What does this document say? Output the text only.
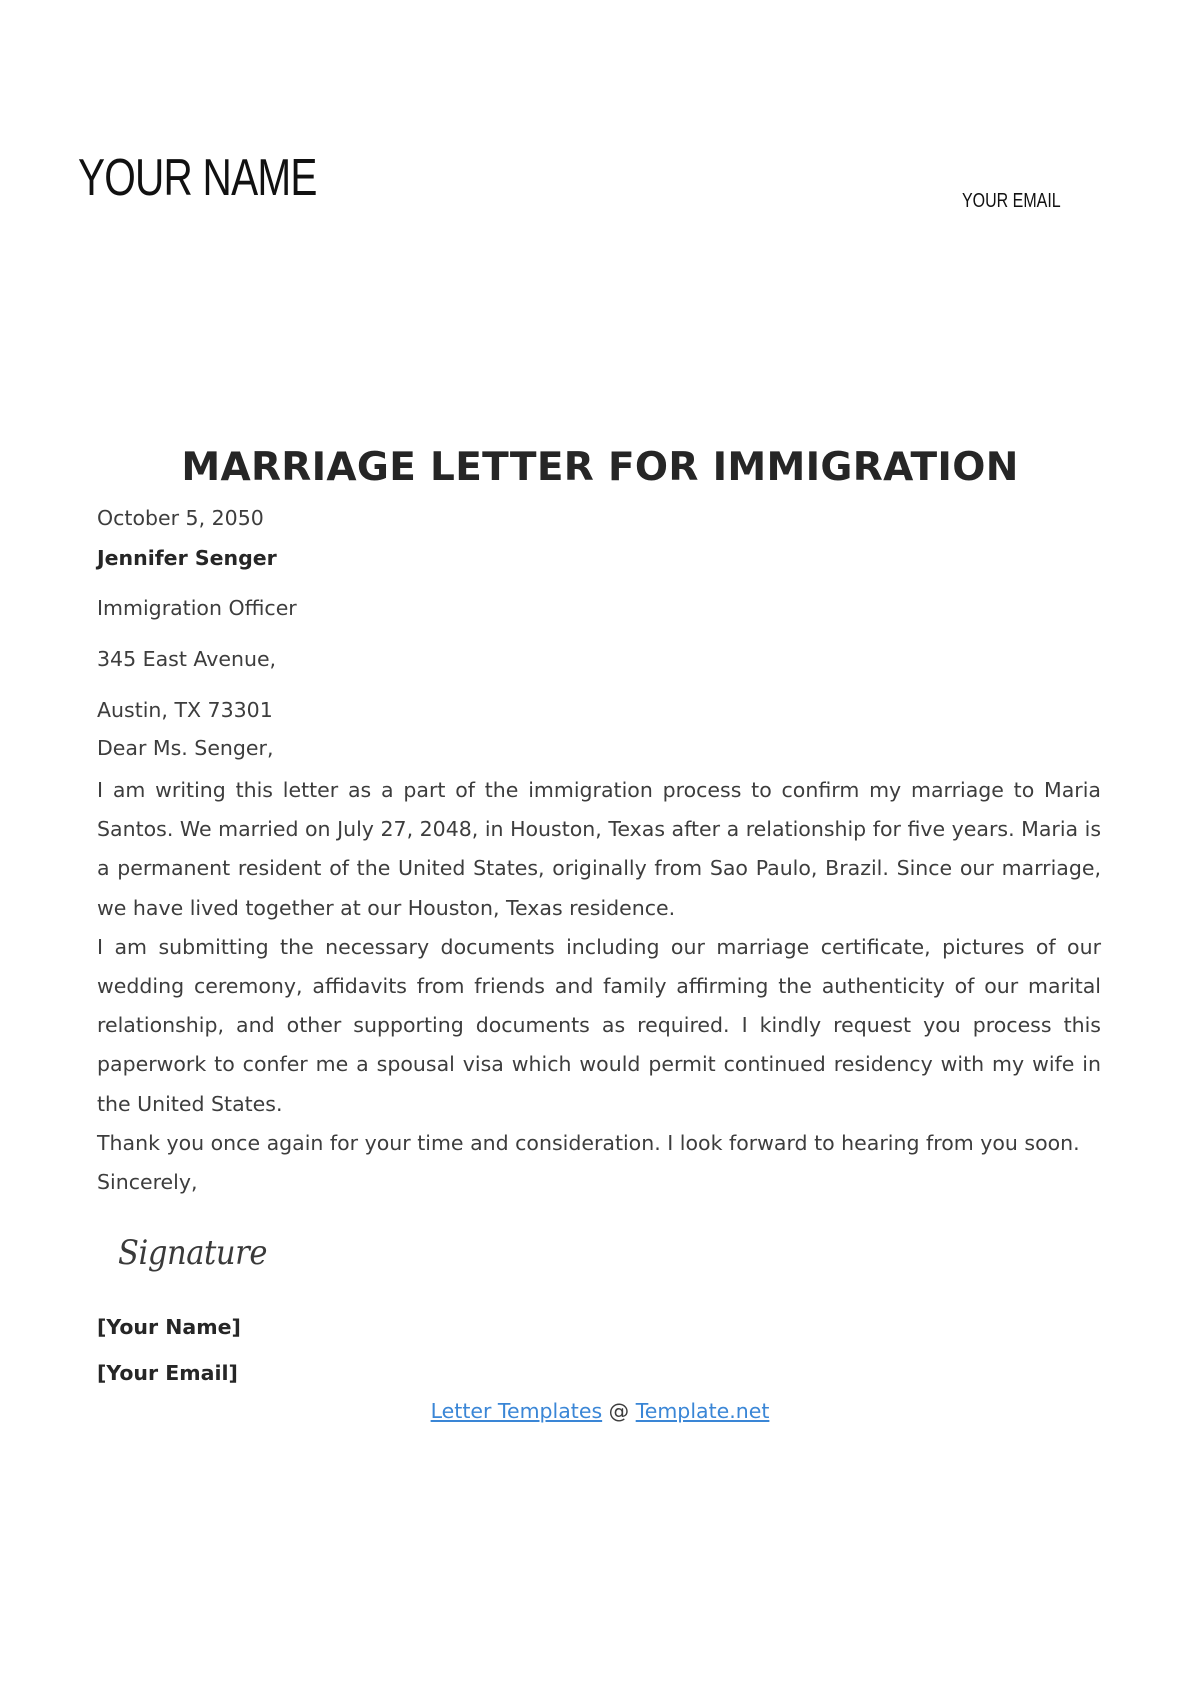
YOUR NAME	YOUR EMAIL
MARRIAGE LETTER FOR IMMIGRATION

October 5, 2050

Jennifer Senger

Immigration Officer

345 East Avenue,

Austin, TX 73301

Dear Ms. Senger,

I am writing this letter as a part of the immigration process to confirm my marriage to Maria Santos. We married on July 27, 2048, in Houston, Texas after a relationship for five years. Maria is a permanent resident of the United States, originally from Sao Paulo, Brazil. Since our marriage, we have lived together at our Houston, Texas residence.

I am submitting the necessary documents including our marriage certificate, pictures of our wedding ceremony, affidavits from friends and family affirming the authenticity of our marital relationship, and other supporting documents as required. I kindly request you process this paperwork to confer me a spousal visa which would permit continued residency with my wife in the United States.

Thank you once again for your time and consideration. I look forward to hearing from you soon.

Sincerely,

Signature

[Your Name]

[Your Email]

Letter Templates @ Template.net
